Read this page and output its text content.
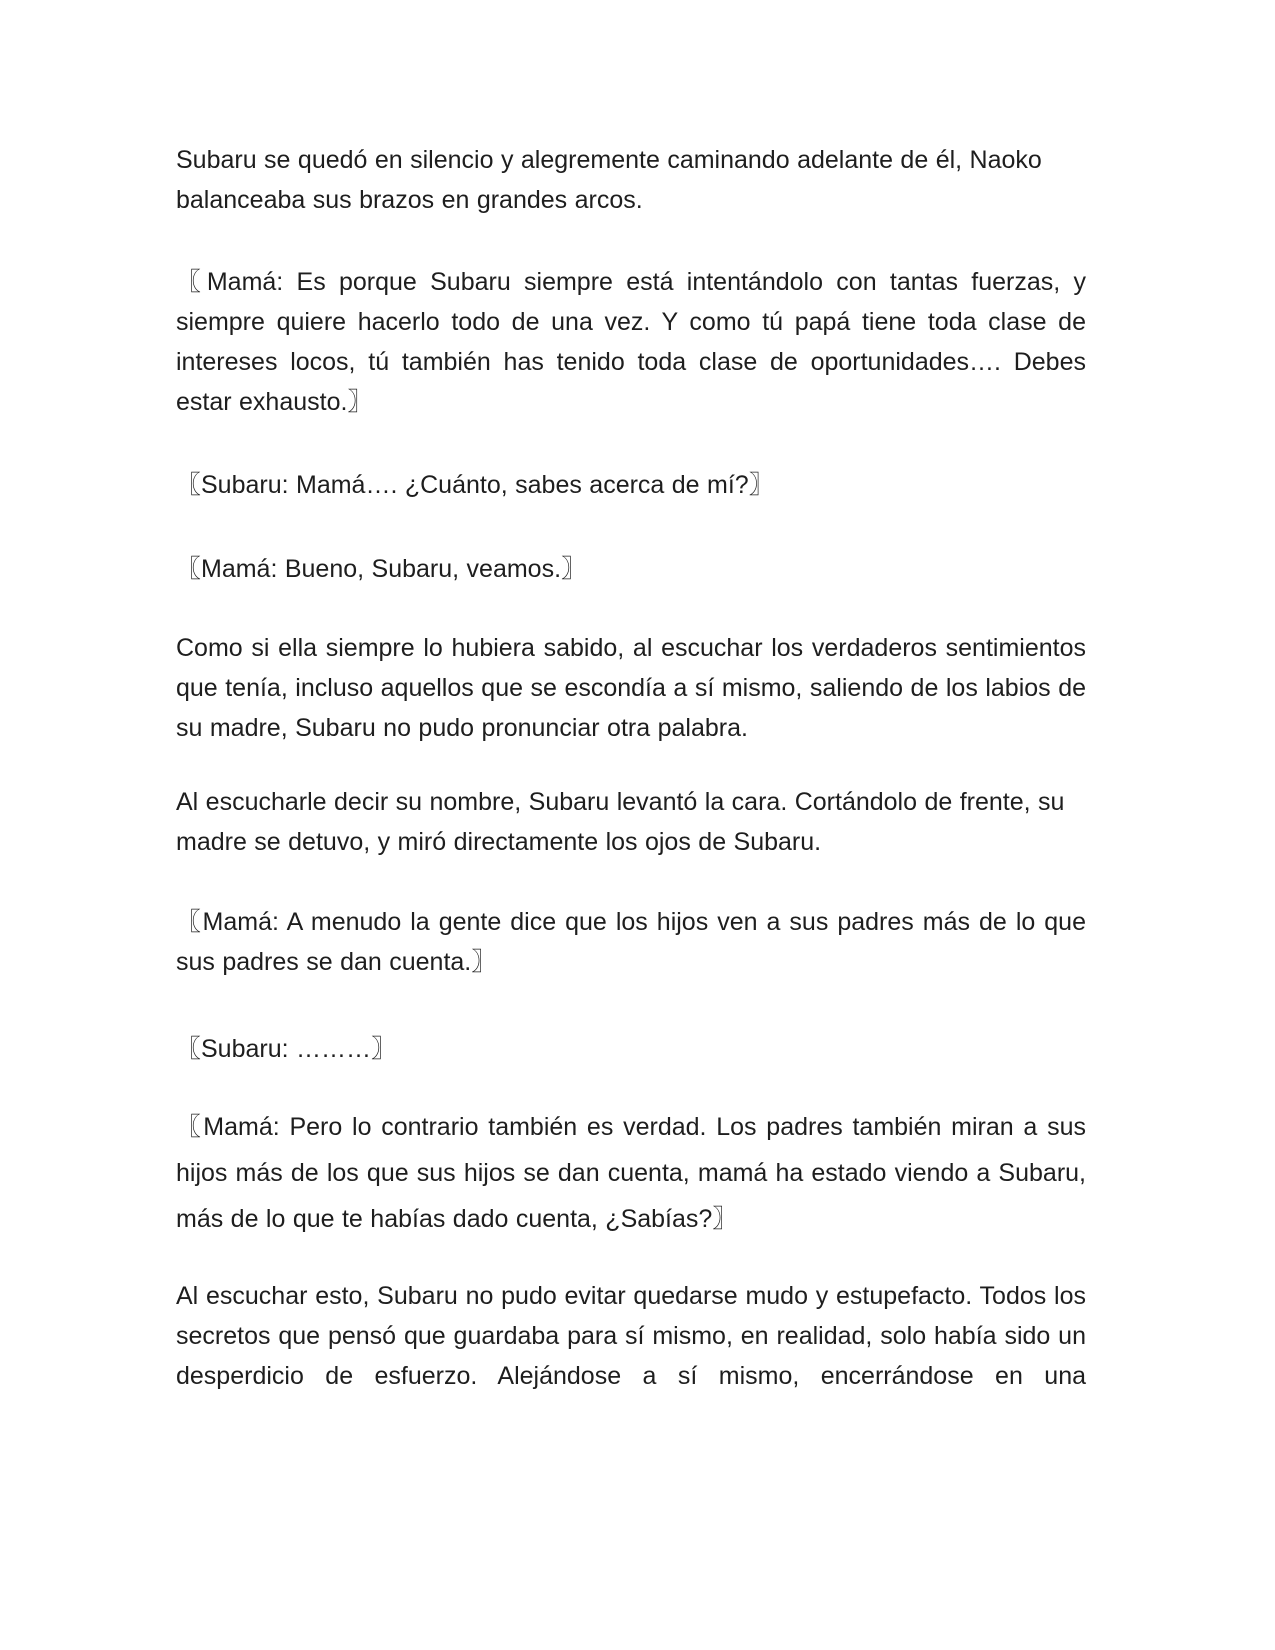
Subaru se quedó en silencio y alegremente caminando adelante de él, Naoko balanceaba sus brazos en grandes arcos.

〖Mamá: Es porque Subaru siempre está intentándolo con tantas fuerzas, y siempre quiere hacerlo todo de una vez. Y como tú papá tiene toda clase de intereses locos, tú también has tenido toda clase de oportunidades…. Debes estar exhausto.〗

〖Subaru: Mamá…. ¿Cuánto, sabes acerca de mí?〗

〖Mamá: Bueno, Subaru, veamos.〗

Como si ella siempre lo hubiera sabido, al escuchar los verdaderos sentimientos que tenía, incluso aquellos que se escondía a sí mismo, saliendo de los labios de su madre, Subaru no pudo pronunciar otra palabra.

Al escucharle decir su nombre, Subaru levantó la cara. Cortándolo de frente, su madre se detuvo, y miró directamente los ojos de Subaru.

〖Mamá: A menudo la gente dice que los hijos ven a sus padres más de lo que sus padres se dan cuenta.〗

〖Subaru: ………〗

〖Mamá: Pero lo contrario también es verdad. Los padres también miran a sus hijos más de los que sus hijos se dan cuenta, mamá ha estado viendo a Subaru, más de lo que te habías dado cuenta, ¿Sabías?〗

Al escuchar esto, Subaru no pudo evitar quedarse mudo y estupefacto. Todos los secretos que pensó que guardaba para sí mismo, en realidad, solo había sido un desperdicio de esfuerzo. Alejándose a sí mismo, encerrándose en una
